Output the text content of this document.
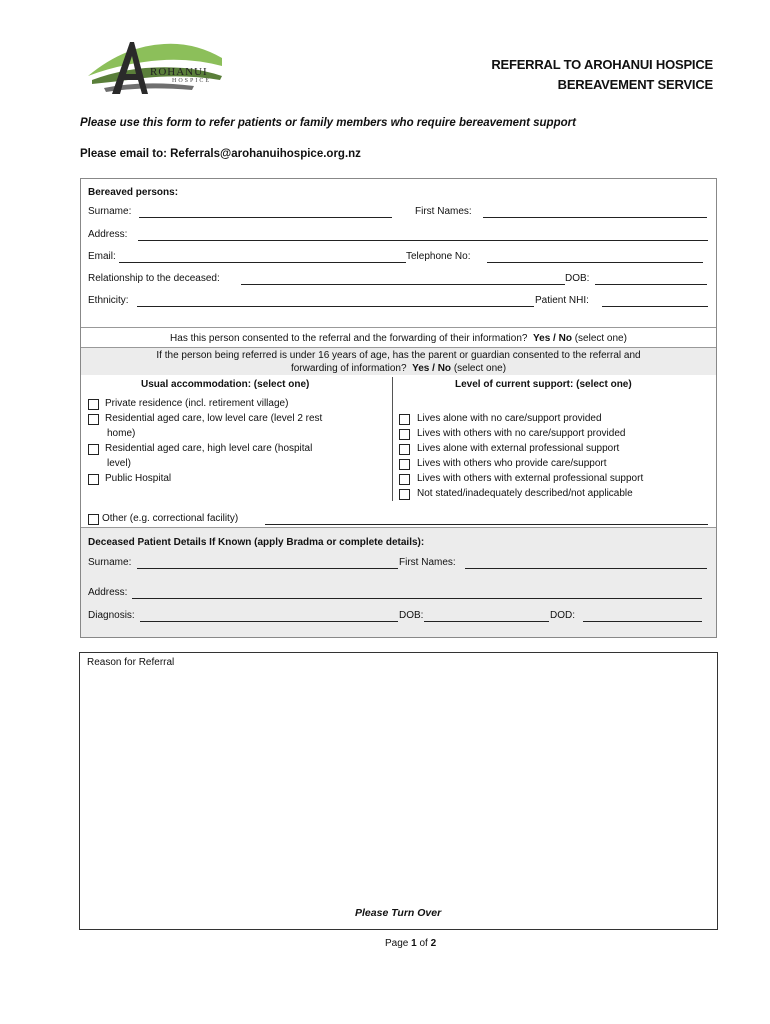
ROHANUI
HOSPICE
REFERRAL TO AROHANUI HOSPICE
BEREAVEMENT SERVICE
Please use this form to refer patients or family members who require bereavement support
Please email to: Referrals@arohanuihospice.org.nz
Bereaved persons:
Surname:	First Names:
Address:
Email:	Telephone No:
Relationship to the deceased:	DOB:
Ethnicity:	Patient NHI:
Has this person consented to the referral and the forwarding of their information? Yes / No (select one)
If the person being referred is under 16 years of age, has the parent or guardian consented to the referral and
forwarding of information? Yes / No (select one)
Usual accommodation: (select one)	Level of current support: (select one)
Private residence (incl. retirement village)
Residential aged care, low level care (level 2 rest
home)
Residential aged care, high level care (hospital
level)
Public Hospital
Lives alone with no care/support provided
Lives with others with no care/support provided
Lives alone with external professional support
Lives with others who provide care/support
Lives with others with external professional support
Not stated/inadequately described/not applicable
Other (e.g. correctional facility)
Deceased Patient Details If Known (apply Bradma or complete details):
Surname:	First Names:
Address:
Diagnosis:	DOB:	DOD:
Reason for Referral
Please Turn Over
Page 1 of 2
